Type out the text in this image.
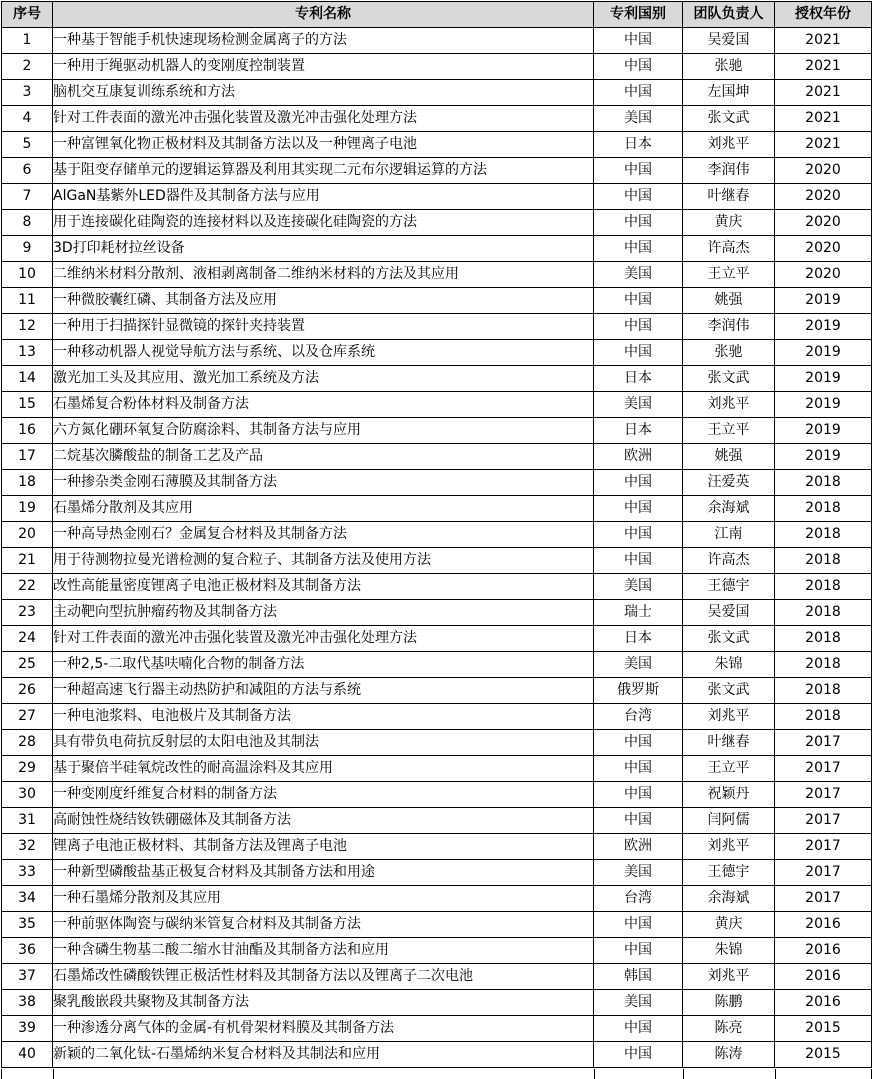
序号	专利名称	专利国别	团队负责人	授权年份
1	一种基于智能手机快速现场检测金属离子的方法	中国	吴爱国	2021
2	一种用于绳驱动机器人的变刚度控制装置	中国	张驰	2021
3	脑机交互康复训练系统和方法	中国	左国坤	2021
4	针对工件表面的激光冲击强化装置及激光冲击强化处理方法	美国	张文武	2021
5	一种富锂氧化物正极材料及其制备方法以及一种锂离子电池	日本	刘兆平	2021
6	基于阻变存储单元的逻辑运算器及利用其实现二元布尔逻辑运算的方法	中国	李润伟	2020
7	AlGaN基紫外LED器件及其制备方法与应用	中国	叶继春	2020
8	用于连接碳化硅陶瓷的连接材料以及连接碳化硅陶瓷的方法	中国	黄庆	2020
9	3D打印耗材拉丝设备	中国	许高杰	2020
10	二维纳米材料分散剂、液相剥离制备二维纳米材料的方法及其应用	美国	王立平	2020
11	一种微胶囊红磷、其制备方法及应用	中国	姚强	2019
12	一种用于扫描探针显微镜的探针夹持装置	中国	李润伟	2019
13	一种移动机器人视觉导航方法与系统、以及仓库系统	中国	张驰	2019
14	激光加工头及其应用、激光加工系统及方法	日本	张文武	2019
15	石墨烯复合粉体材料及制备方法	美国	刘兆平	2019
16	六方氮化硼环氧复合防腐涂料、其制备方法与应用	日本	王立平	2019
17	二烷基次膦酸盐的制备工艺及产品	欧洲	姚强	2019
18	一种掺杂类金刚石薄膜及其制备方法	中国	汪爱英	2018
19	石墨烯分散剂及其应用	中国	余海斌	2018
20	一种高导热金刚石？金属复合材料及其制备方法	中国	江南	2018
21	用于待测物拉曼光谱检测的复合粒子、其制备方法及使用方法	中国	许高杰	2018
22	改性高能量密度锂离子电池正极材料及其制备方法	美国	王德宇	2018
23	主动靶向型抗肿瘤药物及其制备方法	瑞士	吴爱国	2018
24	针对工件表面的激光冲击强化装置及激光冲击强化处理方法	日本	张文武	2018
25	一种2,5-二取代基呋喃化合物的制备方法	美国	朱锦	2018
26	一种超高速飞行器主动热防护和减阻的方法与系统	俄罗斯	张文武	2018
27	一种电池浆料、电池极片及其制备方法	台湾	刘兆平	2018
28	具有带负电荷抗反射层的太阳电池及其制法	中国	叶继春	2017
29	基于聚倍半硅氧烷改性的耐高温涂料及其应用	中国	王立平	2017
30	一种变刚度纤维复合材料的制备方法	中国	祝颖丹	2017
31	高耐蚀性烧结钕铁硼磁体及其制备方法	中国	闫阿儒	2017
32	锂离子电池正极材料、其制备方法及锂离子电池	欧洲	刘兆平	2017
33	一种新型磷酸盐基正极复合材料及其制备方法和用途	美国	王德宇	2017
34	一种石墨烯分散剂及其应用	台湾	余海斌	2017
35	一种前驱体陶瓷与碳纳米管复合材料及其制备方法	中国	黄庆	2016
36	一种含磷生物基二酸二缩水甘油酯及其制备方法和应用	中国	朱锦	2016
37	石墨烯改性磷酸铁锂正极活性材料及其制备方法以及锂离子二次电池	韩国	刘兆平	2016
38	聚乳酸嵌段共聚物及其制备方法	美国	陈鹏	2016
39	一种渗透分离气体的金属-有机骨架材料膜及其制备方法	中国	陈亮	2015
40	新颖的二氧化钛-石墨烯纳米复合材料及其制法和应用	中国	陈涛	2015
